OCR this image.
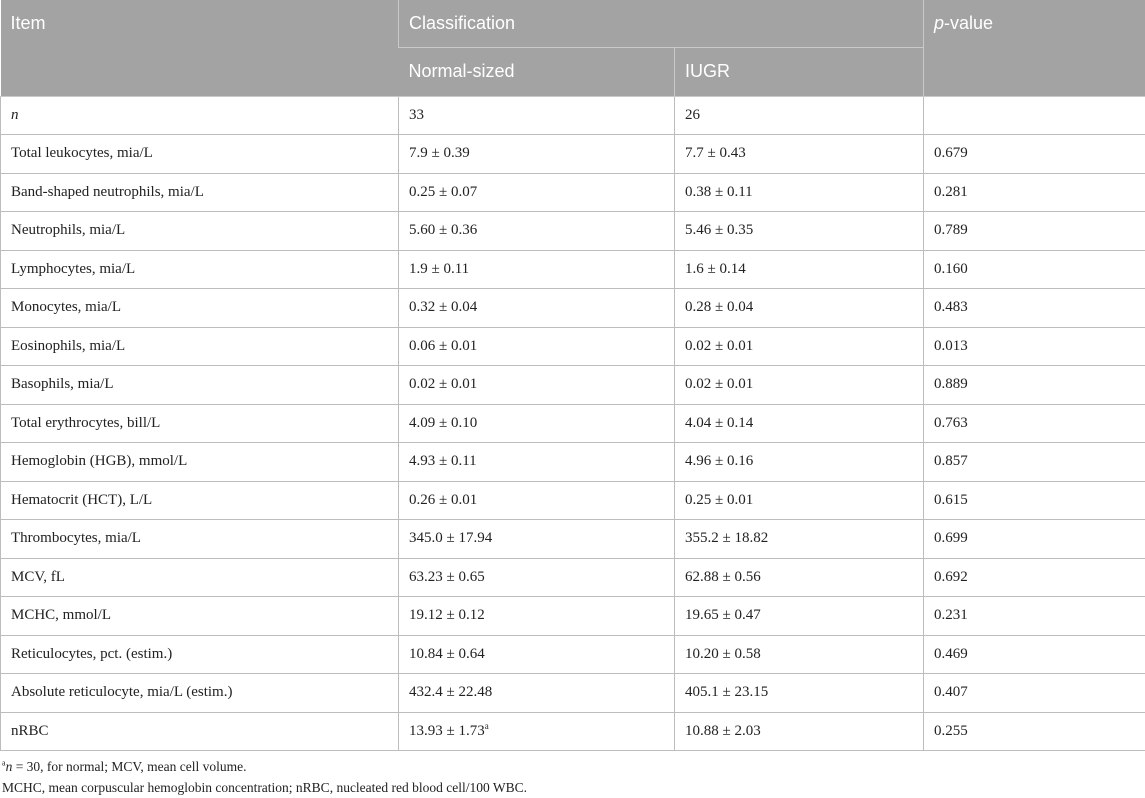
Item	Classification		p-value
	Normal-sized	IUGR	
n	33	26	
Total leukocytes, mia/L	7.9 ± 0.39	7.7 ± 0.43	0.679
Band-shaped neutrophils, mia/L	0.25 ± 0.07	0.38 ± 0.11	0.281
Neutrophils, mia/L	5.60 ± 0.36	5.46 ± 0.35	0.789
Lymphocytes, mia/L	1.9 ± 0.11	1.6 ± 0.14	0.160
Monocytes, mia/L	0.32 ± 0.04	0.28 ± 0.04	0.483
Eosinophils, mia/L	0.06 ± 0.01	0.02 ± 0.01	0.013
Basophils, mia/L	0.02 ± 0.01	0.02 ± 0.01	0.889
Total erythrocytes, bill/L	4.09 ± 0.10	4.04 ± 0.14	0.763
Hemoglobin (HGB), mmol/L	4.93 ± 0.11	4.96 ± 0.16	0.857
Hematocrit (HCT), L/L	0.26 ± 0.01	0.25 ± 0.01	0.615
Thrombocytes, mia/L	345.0 ± 17.94	355.2 ± 18.82	0.699
MCV, fL	63.23 ± 0.65	62.88 ± 0.56	0.692
MCHC, mmol/L	19.12 ± 0.12	19.65 ± 0.47	0.231
Reticulocytes, pct. (estim.)	10.84 ± 0.64	10.20 ± 0.58	0.469
Absolute reticulocyte, mia/L (estim.)	432.4 ± 22.48	405.1 ± 23.15	0.407
nRBC	13.93 ± 1.73$^a$	10.88 ± 2.03	0.255
$^a$n = 30, for normal; MCV, mean cell volume.
MCHC, mean corpuscular hemoglobin concentration; nRBC, nucleated red blood cell/100 WBC.
